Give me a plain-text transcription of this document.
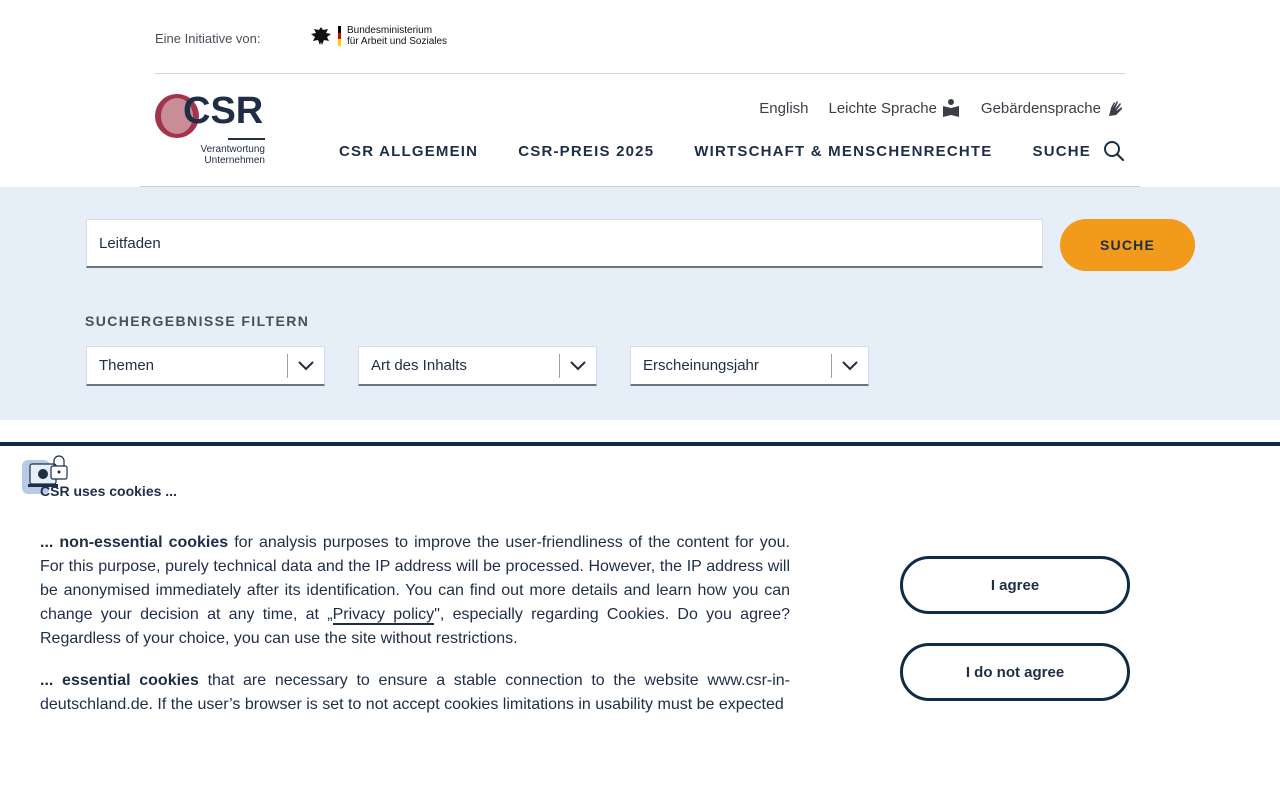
Eine Initiative von:	Bundesministerium
für Arbeit und Soziales
CSR
Verantwortung
Unternehmen
English Leichte Sprache	Gebärdensprache
CSR ALLGEMEIN	CSR-PREIS 2025	WIRTSCHAFT & MENSCHENRECHTE	SUCHE
Leitfaden
SUCHE
SUCHERGEBNISSE FILTERN
Themen	Art des Inhalts	Erscheinungsjahr
CSR uses cookies ...

... non-essential cookies for analysis purposes to improve the user-friendliness of the content for you. For this purpose, purely technical data and the IP address will be processed. However, the IP address will be anonymised immediately after its identification. You can find out more details and learn how you can change your decision at any time, at „Privacy policy", especially regarding Cookies. Do you agree? Regardless of your choice, you can use the site without restrictions.

... essential cookies that are necessary to ensure a stable connection to the website www.csr-in-deutschland.de. If the user’s browser is set to not accept cookies limitations in usability must be expected

I agree
I do not agree
